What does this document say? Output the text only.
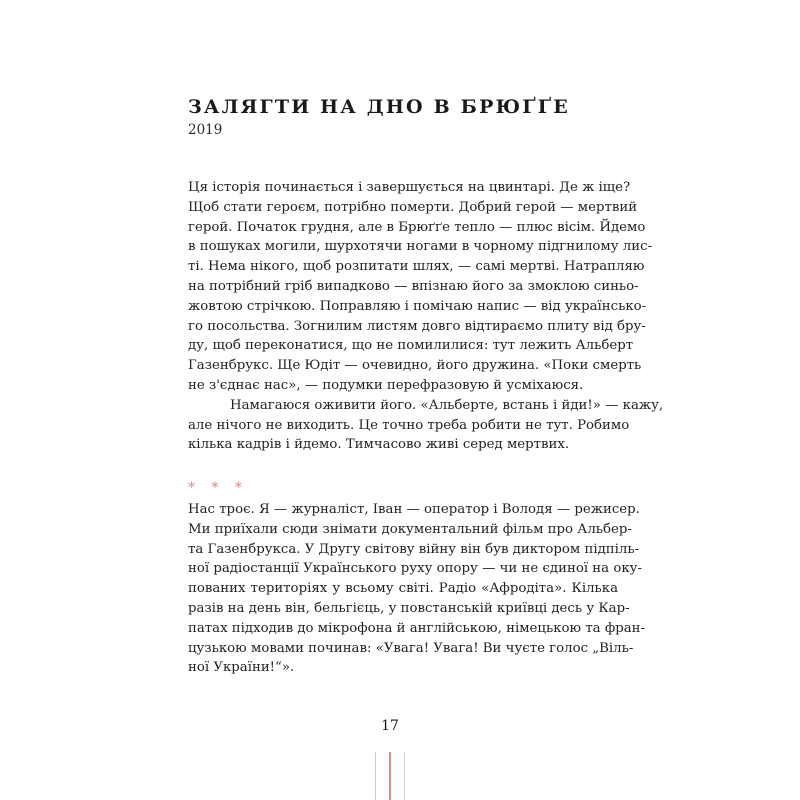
ЗАЛЯГТИ НА ДНО В БРЮҐҐЕ
2019
Ця історія починається і завершується на цвинтарі. Де ж іще?
Щоб стати героєм, потрібно померти. Добрий герой — мертвий
герой. Початок грудня, але в Брюґґе тепло — плюс вісім. Йдемо
в пошуках могили, шурхотячи ногами в чорному підгнилому лис-
ті. Нема нікого, щоб розпитати шлях, — самі мертві. Натрапляю
на потрібний гріб випадково — впізнаю його за змоклою синьо-
жовтою стрічкою. Поправляю і помічаю напис — від українсько-
го посольства. Зогнилим листям довго відтираємо плиту від бру-
ду, щоб переконатися, що не помилилися: тут лежить Альберт
Газенбрукс. Ще Юдіт — очевидно, його дружина. «Поки смерть
не з'єднає нас», — подумки перефразовую й усміхаюся.
Намагаюся оживити його. «Альберте, встань і йди!» — кажу,
але нічого не виходить. Це точно треба робити не тут. Робимо
кілька кадрів і йдемо. Тимчасово живі серед мертвих.
* * *
Нас троє. Я — журналіст, Іван — оператор і Володя — режисер.
Ми приїхали сюди знімати документальний фільм про Альбер-
та Газенбрукса. У Другу світову війну він був диктором підпіль-
ної радіостанції Українського руху опору — чи не єдиної на оку-
пованих територіях у всьому світі. Радіо «Афродіта». Кілька
разів на день він, бельгієць, у повстанській криївці десь у Кар-
патах підходив до мікрофона й англійською, німецькою та фран-
цузькою мовами починав: «Увага! Увага! Ви чуєте голос „Віль-
ної України!“».
17
